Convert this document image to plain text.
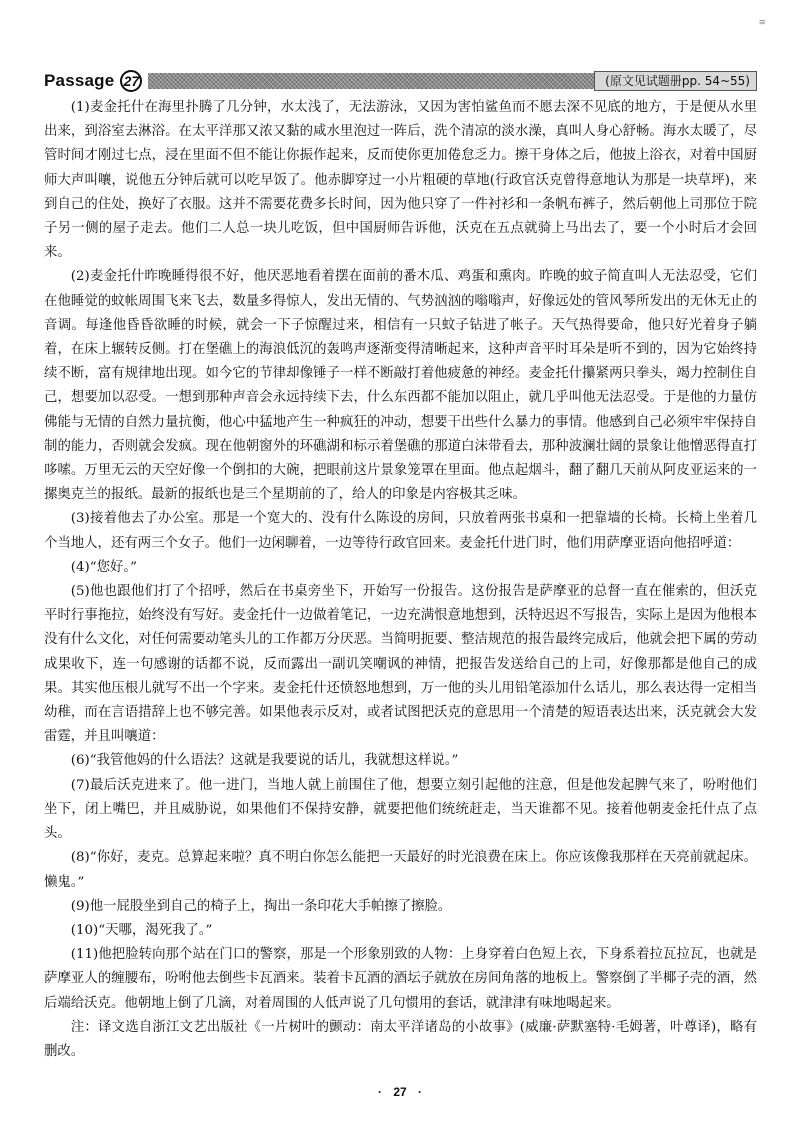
≡
Passage 27	(原文见试题册pp. 54~55)

(1)麦金托什在海里扑腾了几分钟，水太浅了，无法游泳，又因为害怕鲨鱼而不愿去深不见底的地方，于是便从水里出来，到浴室去淋浴。在太平洋那又浓又黏的咸水里泡过一阵后，洗个清凉的淡水澡，真叫人身心舒畅。海水太暖了，尽管时间才刚过七点，浸在里面不但不能让你振作起来，反而使你更加倦怠乏力。擦干身体之后，他披上浴衣，对着中国厨师大声叫嚷，说他五分钟后就可以吃早饭了。他赤脚穿过一小片粗硬的草地(行政官沃克曾得意地认为那是一块草坪)，来到自己的住处，换好了衣服。这并不需要花费多长时间，因为他只穿了一件衬衫和一条帆布裤子，然后朝他上司那位于院子另一侧的屋子走去。他们二人总一块儿吃饭，但中国厨师告诉他，沃克在五点就骑上马出去了，要一个小时后才会回来。

(2)麦金托什昨晚睡得很不好，他厌恶地看着摆在面前的番木瓜、鸡蛋和熏肉。昨晚的蚊子简直叫人无法忍受，它们在他睡觉的蚊帐周围飞来飞去，数量多得惊人，发出无情的、气势汹汹的嗡嗡声，好像远处的管风琴所发出的无休无止的音调。每逢他昏昏欲睡的时候，就会一下子惊醒过来，相信有一只蚊子钻进了帐子。天气热得要命，他只好光着身子躺着，在床上辗转反侧。打在堡礁上的海浪低沉的轰鸣声逐渐变得清晰起来，这种声音平时耳朵是听不到的，因为它始终持续不断，富有规律地出现。如今它的节律却像锤子一样不断敲打着他疲惫的神经。麦金托什攥紧两只拳头，竭力控制住自己，想要加以忍受。一想到那种声音会永远持续下去，什么东西都不能加以阻止，就几乎叫他无法忍受。于是他的力量仿佛能与无情的自然力量抗衡，他心中猛地产生一种疯狂的冲动，想要干出些什么暴力的事情。他感到自己必须牢牢保持自制的能力，否则就会发疯。现在他朝窗外的环礁湖和标示着堡礁的那道白沫带看去，那种波澜壮阔的景象让他憎恶得直打哆嗦。万里无云的天空好像一个倒扣的大碗，把眼前这片景象笼罩在里面。他点起烟斗，翻了翻几天前从阿皮亚运来的一摞奥克兰的报纸。最新的报纸也是三个星期前的了，给人的印象是内容极其乏味。

(3)接着他去了办公室。那是一个宽大的、没有什么陈设的房间，只放着两张书桌和一把靠墙的长椅。长椅上坐着几个当地人，还有两三个女子。他们一边闲聊着，一边等待行政官回来。麦金托什进门时，他们用萨摩亚语向他招呼道：

(4)“您好。”

(5)他也跟他们打了个招呼，然后在书桌旁坐下，开始写一份报告。这份报告是萨摩亚的总督一直在催索的，但沃克平时行事拖拉，始终没有写好。麦金托什一边做着笔记，一边充满恨意地想到，沃特迟迟不写报告，实际上是因为他根本没有什么文化，对任何需要动笔头儿的工作都万分厌恶。当简明扼要、整洁规范的报告最终完成后，他就会把下属的劳动成果收下，连一句感谢的话都不说，反而露出一副讥笑嘲讽的神情，把报告发送给自己的上司，好像那都是他自己的成果。其实他压根儿就写不出一个字来。麦金托什还愤怒地想到，万一他的头儿用铅笔添加什么话儿，那么表达得一定相当幼稚，而在言语措辞上也不够完善。如果他表示反对，或者试图把沃克的意思用一个清楚的短语表达出来，沃克就会大发雷霆，并且叫嚷道：

(6)“我管他妈的什么语法？这就是我要说的话儿，我就想这样说。”

(7)最后沃克进来了。他一进门，当地人就上前围住了他，想要立刻引起他的注意，但是他发起脾气来了，吩咐他们坐下，闭上嘴巴，并且威胁说，如果他们不保持安静，就要把他们统统赶走，当天谁都不见。接着他朝麦金托什点了点头。

(8)“你好，麦克。总算起来啦？真不明白你怎么能把一天最好的时光浪费在床上。你应该像我那样在天亮前就起床。懒鬼。”

(9)他一屁股坐到自己的椅子上，掏出一条印花大手帕擦了擦脸。

(10)“天哪，渴死我了。”

(11)他把脸转向那个站在门口的警察，那是一个形象别致的人物：上身穿着白色短上衣，下身系着拉瓦拉瓦，也就是萨摩亚人的缠腰布，吩咐他去倒些卡瓦酒来。装着卡瓦酒的酒坛子就放在房间角落的地板上。警察倒了半椰子壳的酒，然后端给沃克。他朝地上倒了几滴，对着周围的人低声说了几句惯用的套话，就津津有味地喝起来。

注：译文选自浙江文艺出版社《一片树叶的颤动：南太平洋诸岛的小故事》(威廉·萨默塞特·毛姆著，叶尊译)，略有删改。

· 27 ·
